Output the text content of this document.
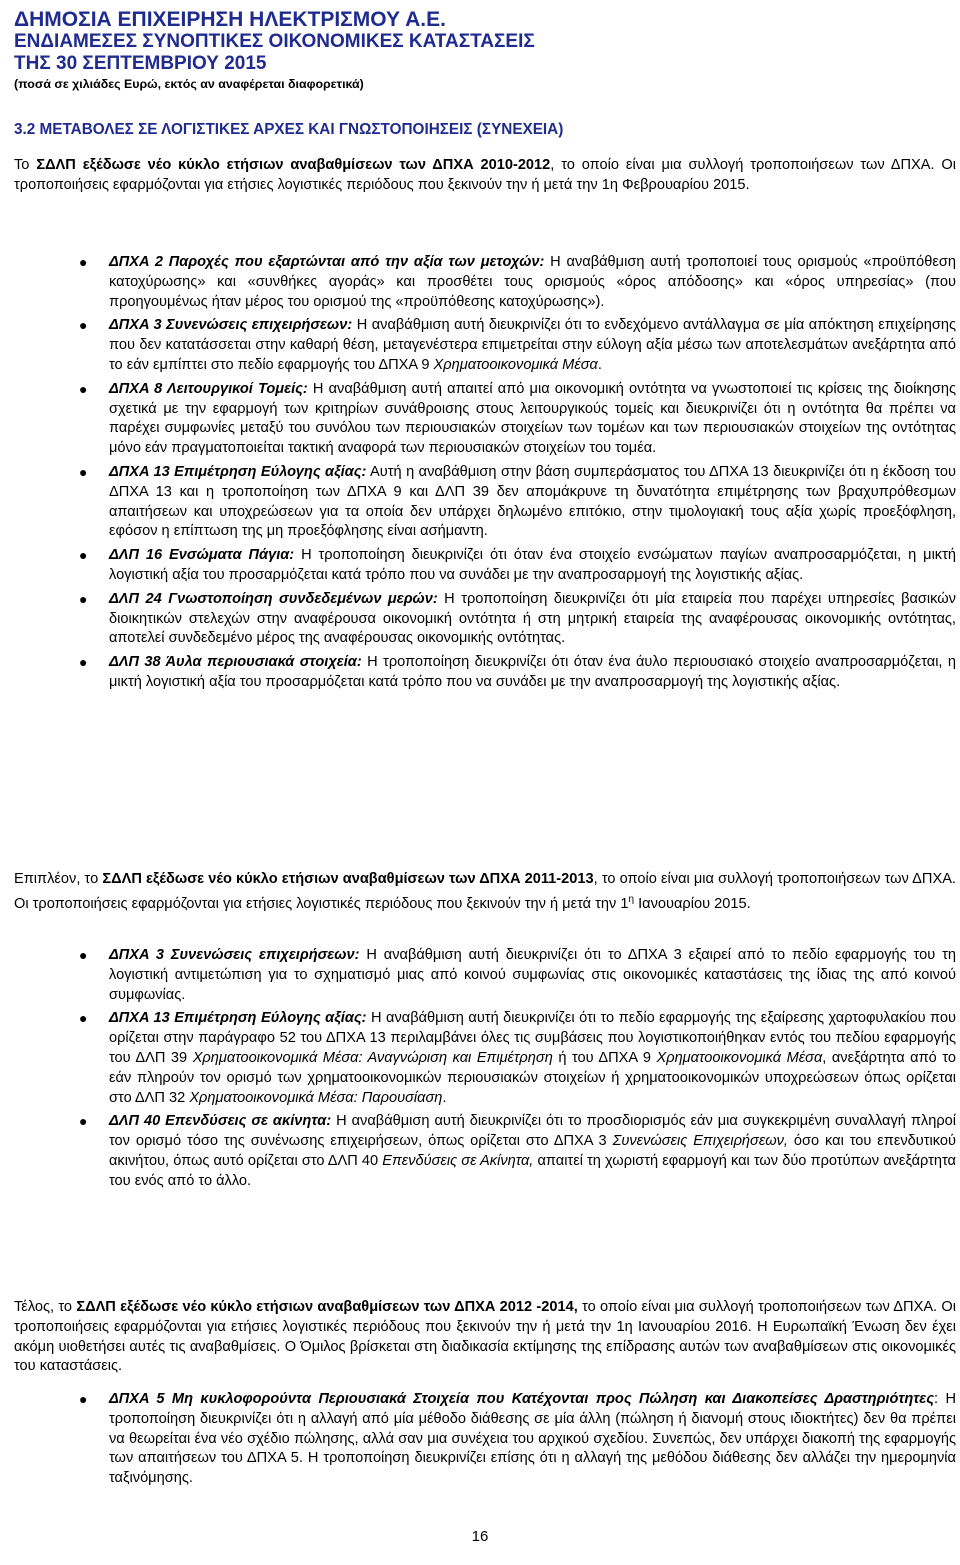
ΔΗΜΟΣΙΑ ΕΠΙΧΕΙΡΗΣΗ ΗΛΕΚΤΡΙΣΜΟΥ Α.Ε.
ΕΝΔΙΑΜΕΣΕΣ ΣΥΝΟΠΤΙΚΕΣ ΟΙΚΟΝΟΜΙΚΕΣ ΚΑΤΑΣΤΑΣΕΙΣ
ΤΗΣ 30 ΣΕΠΤΕΜΒΡΙΟΥ 2015
(ποσά σε χιλιάδες Ευρώ, εκτός αν αναφέρεται διαφορετικά)
3.2 ΜΕΤΑΒΟΛΕΣ ΣΕ ΛΟΓΙΣΤΙΚΕΣ ΑΡΧΕΣ ΚΑΙ ΓΝΩΣΤΟΠΟΙΗΣΕΙΣ (ΣΥΝΕΧΕΙΑ)
Το ΣΔΛΠ εξέδωσε νέο κύκλο ετήσιων αναβαθμίσεων των ΔΠΧΑ 2010-2012, το οποίο είναι μια συλλογή τροποποιήσεων των ΔΠΧΑ. Οι τροποποιήσεις εφαρμόζονται για ετήσιες λογιστικές περιόδους που ξεκινούν την ή μετά την 1η Φεβρουαρίου 2015.
● ΔΠΧΑ 2 Παροχές που εξαρτώνται από την αξία των μετοχών: Η αναβάθμιση αυτή τροποποιεί τους ορισμούς «προϋπόθεση κατοχύρωσης» και «συνθήκες αγοράς» και προσθέτει τους ορισμούς «όρος απόδοσης» και «όρος υπηρεσίας» (που προηγουμένως ήταν μέρος του ορισμού της «προϋπόθεσης κατοχύρωσης»).
● ΔΠΧΑ 3 Συνενώσεις επιχειρήσεων: Η αναβάθμιση αυτή διευκρινίζει ότι το ενδεχόμενο αντάλλαγμα σε μία απόκτηση επιχείρησης που δεν κατατάσσεται στην καθαρή θέση, μεταγενέστερα επιμετρείται στην εύλογη αξία μέσω των αποτελεσμάτων ανεξάρτητα από το εάν εμπίπτει στο πεδίο εφαρμογής του ΔΠΧΑ 9 Χρηματοοικονομικά Μέσα.
● ΔΠΧΑ 8 Λειτουργικοί Τομείς: Η αναβάθμιση αυτή απαιτεί από μια οικονομική οντότητα να γνωστοποιεί τις κρίσεις της διοίκησης σχετικά με την εφαρμογή των κριτηρίων συνάθροισης στους λειτουργικούς τομείς και διευκρινίζει ότι η οντότητα θα πρέπει να παρέχει συμφωνίες μεταξύ του συνόλου των περιουσιακών στοιχείων των τομέων και των περιουσιακών στοιχείων της οντότητας μόνο εάν πραγματοποιείται τακτική αναφορά των περιουσιακών στοιχείων του τομέα.
● ΔΠΧΑ 13 Επιμέτρηση Εύλογης αξίας: Αυτή η αναβάθμιση στην βάση συμπεράσματος του ΔΠΧΑ 13 διευκρινίζει ότι η έκδοση του ΔΠΧΑ 13 και η τροποποίηση των ΔΠΧΑ 9 και ΔΛΠ 39 δεν απομάκρυνε τη δυνατότητα επιμέτρησης των βραχυπρόθεσμων απαιτήσεων και υποχρεώσεων για τα οποία δεν υπάρχει δηλωμένο επιτόκιο, στην τιμολογιακή τους αξία χωρίς προεξόφληση, εφόσον η επίπτωση της μη προεξόφλησης είναι ασήμαντη.
● ΔΛΠ 16 Ενσώματα Πάγια: Η τροποποίηση διευκρινίζει ότι όταν ένα στοιχείο ενσώματων παγίων αναπροσαρμόζεται, η μικτή λογιστική αξία του προσαρμόζεται κατά τρόπο που να συνάδει με την αναπροσαρμογή της λογιστικής αξίας.
● ΔΛΠ 24 Γνωστοποίηση συνδεδεμένων μερών: Η τροποποίηση διευκρινίζει ότι μία εταιρεία που παρέχει υπηρεσίες βασικών διοικητικών στελεχών στην αναφέρουσα οικονομική οντότητα ή στη μητρική εταιρεία της αναφέρουσας οικονομικής οντότητας, αποτελεί συνδεδεμένο μέρος της αναφέρουσας οικονομικής οντότητας.
● ΔΛΠ 38 Άυλα περιουσιακά στοιχεία: Η τροποποίηση διευκρινίζει ότι όταν ένα άυλο περιουσιακό στοιχείο αναπροσαρμόζεται, η μικτή λογιστική αξία του προσαρμόζεται κατά τρόπο που να συνάδει με την αναπροσαρμογή της λογιστικής αξίας.
Επιπλέον, το ΣΔΛΠ εξέδωσε νέο κύκλο ετήσιων αναβαθμίσεων των ΔΠΧΑ 2011-2013, το οποίο είναι μια συλλογή τροποποιήσεων των ΔΠΧΑ. Οι τροποποιήσεις εφαρμόζονται για ετήσιες λογιστικές περιόδους που ξεκινούν την ή μετά την $1^\eta$ Ιανουαρίου 2015.
● ΔΠΧΑ 3 Συνενώσεις επιχειρήσεων: Η αναβάθμιση αυτή διευκρινίζει ότι το ΔΠΧΑ 3 εξαιρεί από το πεδίο εφαρμογής του τη λογιστική αντιμετώπιση για το σχηματισμό μιας από κοινού συμφωνίας στις οικονομικές καταστάσεις της ίδιας της από κοινού συμφωνίας.
● ΔΠΧΑ 13 Επιμέτρηση Εύλογης αξίας: Η αναβάθμιση αυτή διευκρινίζει ότι το πεδίο εφαρμογής της εξαίρεσης χαρτοφυλακίου που ορίζεται στην παράγραφο 52 του ΔΠΧΑ 13 περιλαμβάνει όλες τις συμβάσεις που λογιστικοποιήθηκαν εντός του πεδίου εφαρμογής του ΔΛΠ 39 Χρηματοοικονομικά Μέσα: Αναγνώριση και Επιμέτρηση ή του ΔΠΧΑ 9 Χρηματοοικονομικά Μέσα, ανεξάρτητα από το εάν πληρούν τον ορισμό των χρηματοοικονομικών περιουσιακών στοιχείων ή χρηματοοικονομικών υποχρεώσεων όπως ορίζεται στο ΔΛΠ 32 Χρηματοοικονομικά Μέσα: Παρουσίαση.
● ΔΛΠ 40 Επενδύσεις σε ακίνητα: Η αναβάθμιση αυτή διευκρινίζει ότι το προσδιορισμός εάν μια συγκεκριμένη συναλλαγή πληροί τον ορισμό τόσο της συνένωσης επιχειρήσεων, όπως ορίζεται στο ΔΠΧΑ 3 Συνενώσεις Επιχειρήσεων, όσο και του επενδυτικού ακινήτου, όπως αυτό ορίζεται στο ΔΛΠ 40 Επενδύσεις σε Ακίνητα, απαιτεί τη χωριστή εφαρμογή και των δύο προτύπων ανεξάρτητα του ενός από το άλλο.
Τέλος, το ΣΔΛΠ εξέδωσε νέο κύκλο ετήσιων αναβαθμίσεων των ΔΠΧΑ 2012 -2014, το οποίο είναι μια συλλογή τροποποιήσεων των ΔΠΧΑ. Οι τροποποιήσεις εφαρμόζονται για ετήσιες λογιστικές περιόδους που ξεκινούν την ή μετά την 1η Ιανουαρίου 2016. Η Ευρωπαϊκή Ένωση δεν έχει ακόμη υιοθετήσει αυτές τις αναβαθμίσεις. Ο Όμιλος βρίσκεται στη διαδικασία εκτίμησης της επίδρασης αυτών των αναβαθμίσεων στις οικονομικές του καταστάσεις.
● ΔΠΧΑ 5 Μη κυκλοφορούντα Περιουσιακά Στοιχεία που Κατέχονται προς Πώληση και Διακοπείσες Δραστηριότητες: Η τροποποίηση διευκρινίζει ότι η αλλαγή από μία μέθοδο διάθεσης σε μία άλλη (πώληση ή διανομή στους ιδιοκτήτες) δεν θα πρέπει να θεωρείται ένα νέο σχέδιο πώλησης, αλλά σαν μια συνέχεια του αρχικού σχεδίου. Συνεπώς, δεν υπάρχει διακοπή της εφαρμογής των απαιτήσεων του ΔΠΧΑ 5. Η τροποποίηση διευκρινίζει επίσης ότι η αλλαγή της μεθόδου διάθεσης δεν αλλάζει την ημερομηνία ταξινόμησης.
16
